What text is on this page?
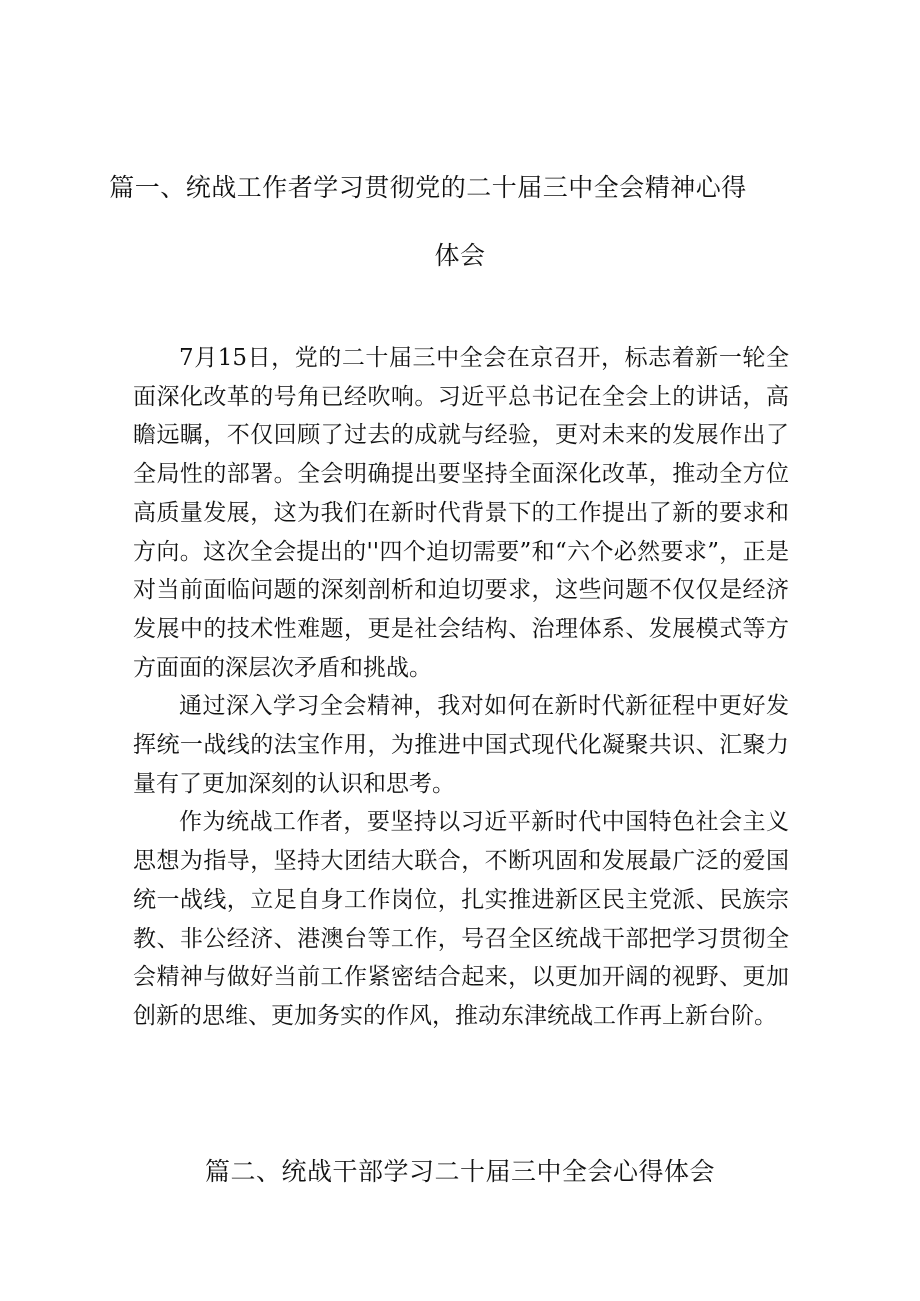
篇一、统战工作者学习贯彻党的二十届三中全会精神心得
体会

7月15日，党的二十届三中全会在京召开，标志着新一轮全面深化改革的号角已经吹响。习近平总书记在全会上的讲话，高瞻远瞩，不仅回顾了过去的成就与经验，更对未来的发展作出了全局性的部署。全会明确提出要坚持全面深化改革，推动全方位高质量发展，这为我们在新时代背景下的工作提出了新的要求和方向。这次全会提出的''四个迫切需要”和“六个必然要求”，正是对当前面临问题的深刻剖析和迫切要求，这些问题不仅仅是经济发展中的技术性难题，更是社会结构、治理体系、发展模式等方方面面的深层次矛盾和挑战。

通过深入学习全会精神，我对如何在新时代新征程中更好发挥统一战线的法宝作用，为推进中国式现代化凝聚共识、汇聚力量有了更加深刻的认识和思考。

作为统战工作者，要坚持以习近平新时代中国特色社会主义思想为指导，坚持大团结大联合，不断巩固和发展最广泛的爱国统一战线，立足自身工作岗位，扎实推进新区民主党派、民族宗教、非公经济、港澳台等工作，号召全区统战干部把学习贯彻全会精神与做好当前工作紧密结合起来，以更加开阔的视野、更加创新的思维、更加务实的作风，推动东津统战工作再上新台阶。

篇二、统战干部学习二十届三中全会心得体会
